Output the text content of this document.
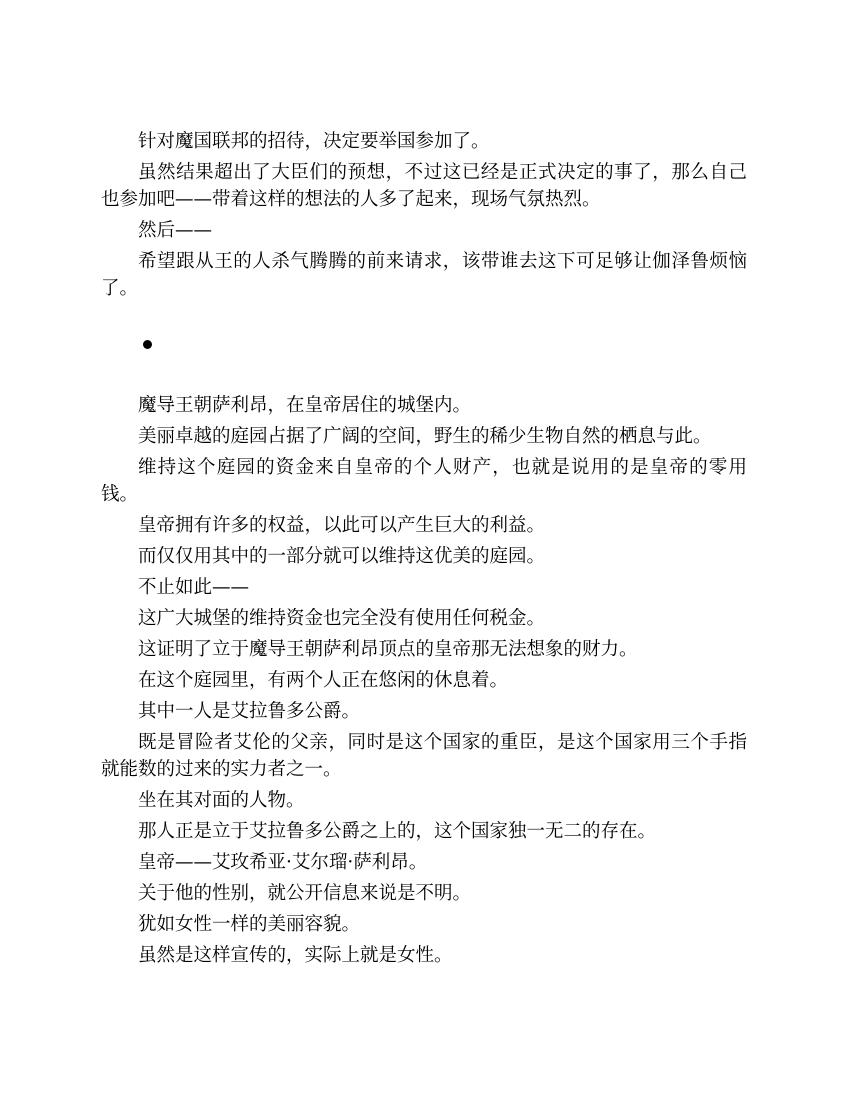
针对魔国联邦的招待，决定要举国参加了。

虽然结果超出了大臣们的预想，不过这已经是正式决定的事了，那么自己也参加吧——带着这样的想法的人多了起来，现场气氛热烈。

然后——

希望跟从王的人杀气腾腾的前来请求，该带谁去这下可足够让伽泽鲁烦恼了。

魔导王朝萨利昂，在皇帝居住的城堡内。

美丽卓越的庭园占据了广阔的空间，野生的稀少生物自然的栖息与此。

维持这个庭园的资金来自皇帝的个人财产，也就是说用的是皇帝的零用钱。

皇帝拥有许多的权益，以此可以产生巨大的利益。

而仅仅用其中的一部分就可以维持这优美的庭园。

不止如此——

这广大城堡的维持资金也完全没有使用任何税金。

这证明了立于魔导王朝萨利昂顶点的皇帝那无法想象的财力。

在这个庭园里，有两个人正在悠闲的休息着。

其中一人是艾拉鲁多公爵。

既是冒险者艾伦的父亲，同时是这个国家的重臣，是这个国家用三个手指就能数的过来的实力者之一。

坐在其对面的人物。

那人正是立于艾拉鲁多公爵之上的，这个国家独一无二的存在。

皇帝——艾玫希亚·艾尔瑠·萨利昂。

关于他的性别，就公开信息来说是不明。

犹如女性一样的美丽容貌。

虽然是这样宣传的，实际上就是女性。
